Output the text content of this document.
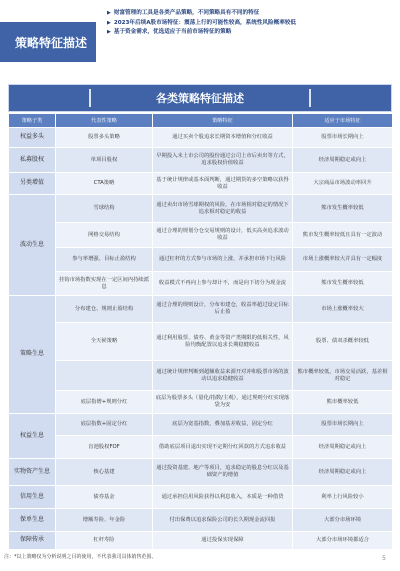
策略特征描述
▶ 财富管理的工具是各类产品策略，不同策略具有不同的特征
▶ 2023年后续A股市场特征：震荡上行的可能性较高，系统性风险概率较低
▶ 基于资金需求，优选适应于当前市场特征的策略
各类策略特征描述
策略子类	代表性策略	策略特征	适应于市场特征
权益多头	股票多头策略	通过买卖个股追求长期资本增值和分红收益	股票市场长期向上
私募股权	单项目股权	早期投入未上市公司的股份通过公司上市后卖出等方式，追求股权价值收益	经济周期稳定或向上
另类增值	CTA策略	基于统计规律或基本面判断，通过期货的多空策略以获得收益	大宗商品市场波动率回升
波动生息	雪球结构	通过卖出市场雪球期权的风险，在市场相对稳定的情况下追求相对稳定的收益	熊市发生概率较低
	网格交易结构	通过合理的规划分仓交易规则的设计，低买高卖追求波动收益	熊市发生概率较低且具有一定波动
	参与率增强、目标止盈结构	通过杠杆的方式参与市场的上涨，并承担市场下行风险	市场上涨概率较大并具有一定幅度
	挂钩市场指数实现在一定区间内持续派息	收益模式不再向上参与却计不，而是向下切分为现金流	熊市发生概率较低
策略生息	分布建仓、规则止盈结构	通过合理的规则设计，分布布建仓，收益率超过设定目标后止盈	市场上涨概率较大
	全天候策略	通过利用股票、债券、黄金等资产类期限的低相关性，风险均衡配置以追求长期稳健收益	股票、债双杀概率较低
		通过统计规律判断到超额收益来源开对冲和股票市场的波动以追求稳健收益	熊市概率较低，市场交易活跃，基差相对稳定
	底层指增+规则分红	底层为股票多头（量化/指数/主观），通过规则分红实现落袋为安	熊市概率较低
权益生息	底层指数+固定分红	底层为宽基指数，叠加基差收益，固定分红	股票市场长期向上
	盲池股权FOF	借助底层项目退出实现不定期分红回款的方式追求收益	经济周期稳定或向上
实物资产生息	核心基建	通过投资基建、地产等项目，追求稳定的股息分红以及基础资产的增值	经济周期稳定或向上
信用生息	债券基金	通过承担信用风险获得以利息收入，本质是一种借贷	利率上行风险较小
保单生息	增额寿险、年金险	付出保费以追求保险公司的长久期现金流回报	大部分市场环境
保障传承	杠杆寿险	通过投保实现保障	大部分市场环境都适合
注：*以上策略仅为分析说明之目的使用，不代表我司具体销售范围。	5
